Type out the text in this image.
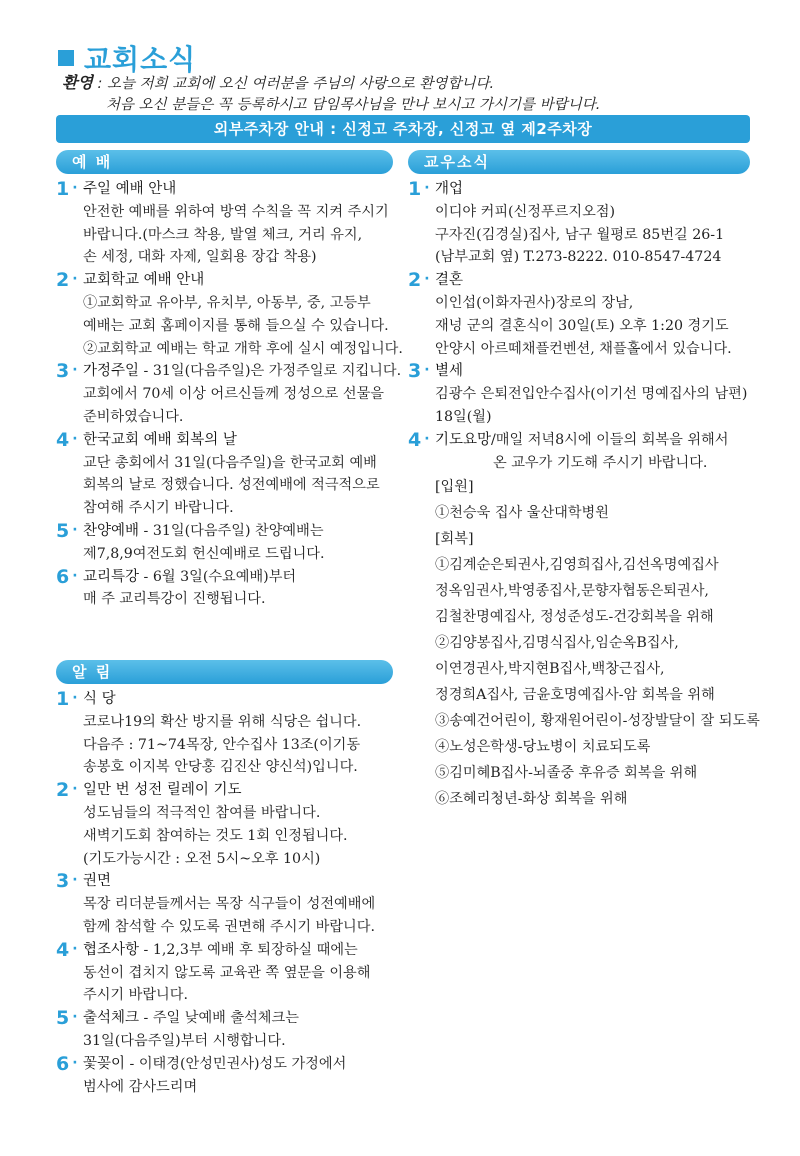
교회소식
환영 : 오늘 저희 교회에 오신 여러분을 주님의 사랑으로 환영합니다.
처음 오신 분들은 꼭 등록하시고 담임목사님을 만나 보시고 가시기를 바랍니다.
외부주차장 안내 : 신정고 주차장, 신정고 옆 제2주차장
예 배	교우소식
알 림
1 · 주일 예배 안내
안전한 예배를 위하여 방역 수칙을 꼭 지켜 주시기
바랍니다.(마스크 착용, 발열 체크, 거리 유지,
손 세정, 대화 자제, 일회용 장갑 착용)
2 · 교회학교 예배 안내
①교회학교 유아부, 유치부, 아동부, 중, 고등부
예배는 교회 홈페이지를 통해 들으실 수 있습니다.
②교회학교 예배는 학교 개학 후에 실시 예정입니다.
3 · 가정주일 - 31일(다음주일)은 가정주일로 지킵니다.
교회에서 70세 이상 어르신들께 정성으로 선물을
준비하였습니다.
4 · 한국교회 예배 회복의 날
교단 총회에서 31일(다음주일)을 한국교회 예배
회복의 날로 정했습니다. 성전예배에 적극적으로
참여해 주시기 바랍니다.
5 · 찬양예배 - 31일(다음주일) 찬양예배는
제7,8,9여전도회 헌신예배로 드립니다.
6 · 교리특강 - 6월 3일(수요예배)부터
매 주 교리특강이 진행됩니다.
1 · 식 당
코로나19의 확산 방지를 위해 식당은 쉽니다.
다음주 : 71~74목장, 안수집사 13조(이기동
송봉호 이지복 안당홍 김진산 양신석)입니다.
2 · 일만 번 성전 릴레이 기도
성도님들의 적극적인 참여를 바랍니다.
새벽기도회 참여하는 것도 1회 인정됩니다.
(기도가능시간 : 오전 5시~오후 10시)
3 · 권면
목장 리더분들께서는 목장 식구들이 성전예배에
함께 참석할 수 있도록 권면해 주시기 바랍니다.
4 · 협조사항 - 1,2,3부 예배 후 퇴장하실 때에는
동선이 겹치지 않도록 교육관 쪽 옆문을 이용해
주시기 바랍니다.
5 · 출석체크 - 주일 낮예배 출석체크는
31일(다음주일)부터 시행합니다.
6 · 꽃꽂이 - 이태경(안성민권사)성도 가정에서
범사에 감사드리며
1 · 개업
이디야 커피(신정푸르지오점)
구자진(김경실)집사, 남구 월평로 85번길 26-1
(남부교회 옆) T.273-8222. 010-8547-4724
2 · 결혼
이인섭(이화자권사)장로의 장남,
재넝 군의 결혼식이 30일(토) 오후 1:20 경기도
안양시 아르떼채플컨벤션, 채플홀에서 있습니다.
3 · 별세
김광수 은퇴전입안수집사(이기선 명예집사의 남편)
18일(월)
4 · 기도요망/매일 저녁8시에 이들의 회복을 위해서
온 교우가 기도해 주시기 바랍니다.
[입원]
①천승욱 집사 울산대학병원
[회복]
①김계순은퇴권사,김영희집사,김선옥명예집사
정옥임권사,박영종집사,문향자협동은퇴권사,
김철찬명예집사, 정성준성도-건강회복을 위해
②김양봉집사,김명식집사,임순옥B집사,
이연경권사,박지현B집사,백창근집사,
정경희A집사, 금윤호명예집사-암 회복을 위해
③송예건어린이, 황재원어린이-성장발달이 잘 되도록
④노성은학생-당뇨병이 치료되도록
⑤김미혜B집사-뇌졸중 후유증 회복을 위해
⑥조혜리청년-화상 회복을 위해
